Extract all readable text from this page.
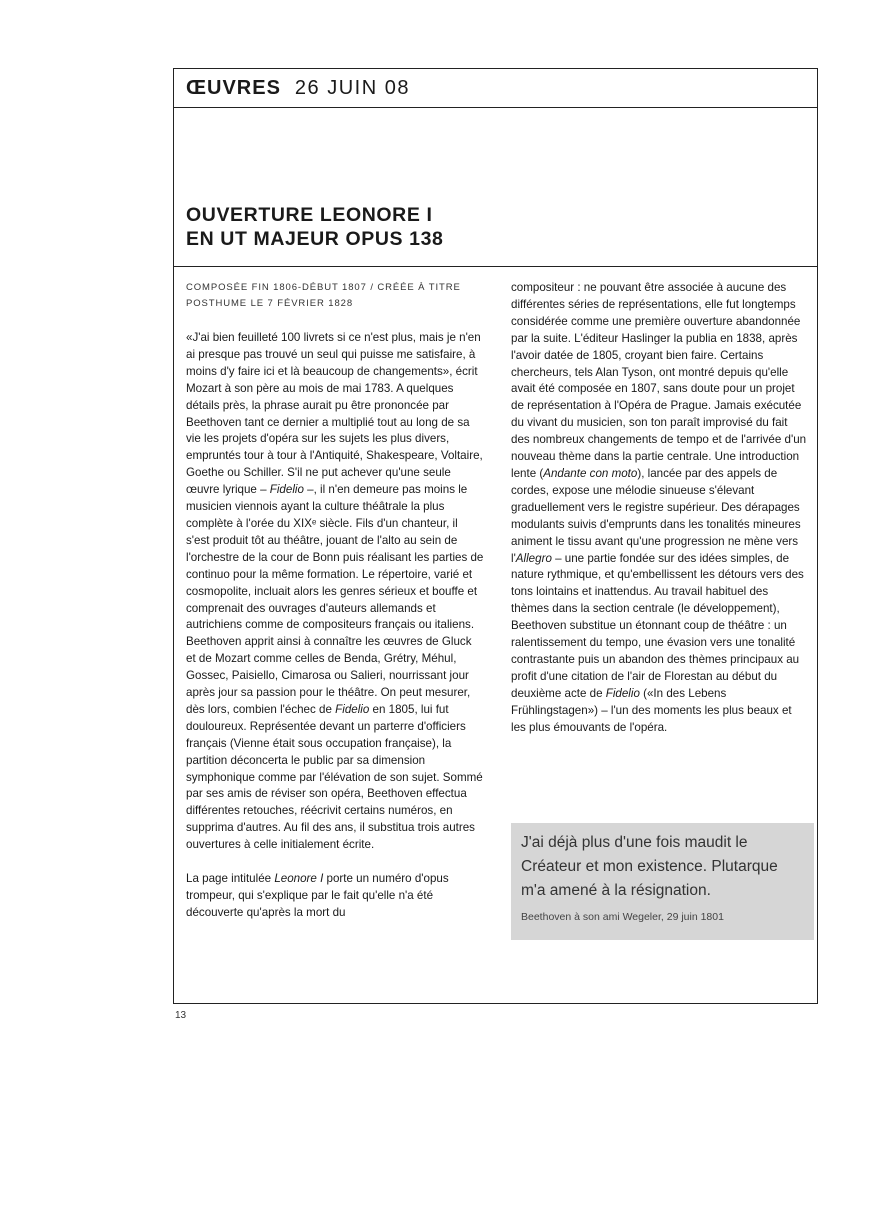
ŒUVRES 26 JUIN 08
OUVERTURE LEONORE I
EN UT MAJEUR OPUS 138

COMPOSÉE FIN 1806-DÉBUT 1807 / CRÉÉE À TITRE POSTHUME LE 7 FÉVRIER 1828

«J'ai bien feuilleté 100 livrets si ce n'est plus, mais je n'en ai presque pas trouvé un seul qui puisse me satisfaire, à moins d'y faire ici et là beaucoup de changements», écrit Mozart à son père au mois de mai 1783. A quelques détails près, la phrase aurait pu être prononcée par Beethoven tant ce dernier a multiplié tout au long de sa vie les projets d'opéra sur les sujets les plus divers, empruntés tour à tour à l'Antiquité, Shakespeare, Voltaire, Goethe ou Schiller. S'il ne put achever qu'une seule œuvre lyrique – Fidelio –, il n'en demeure pas moins le musicien viennois ayant la culture théâtrale la plus complète à l'orée du XIXᵉ siècle. Fils d'un chanteur, il s'est produit tôt au théâtre, jouant de l'alto au sein de l'orchestre de la cour de Bonn puis réalisant les parties de continuo pour la même formation. Le répertoire, varié et cosmopolite, incluait alors les genres sérieux et bouffe et comprenait des ouvrages d'auteurs allemands et autrichiens comme de compositeurs français ou italiens. Beethoven apprit ainsi à connaître les œuvres de Gluck et de Mozart comme celles de Benda, Grétry, Méhul, Gossec, Paisiello, Cimarosa ou Salieri, nourrissant jour après jour sa passion pour le théâtre. On peut mesurer, dès lors, combien l'échec de Fidelio en 1805, lui fut douloureux. Représentée devant un parterre d'officiers français (Vienne était sous occupation française), la partition déconcerta le public par sa dimension symphonique comme par l'élévation de son sujet. Sommé par ses amis de réviser son opéra, Beethoven effectua différentes retouches, réécrivit certains numéros, en supprima d'autres. Au fil des ans, il substitua trois autres ouvertures à celle initialement écrite.

La page intitulée Leonore I porte un numéro d'opus trompeur, qui s'explique par le fait qu'elle n'a été découverte qu'après la mort du

compositeur : ne pouvant être associée à aucune des différentes séries de représentations, elle fut longtemps considérée comme une première ouverture abandonnée par la suite. L'éditeur Haslinger la publia en 1838, après l'avoir datée de 1805, croyant bien faire. Certains chercheurs, tels Alan Tyson, ont montré depuis qu'elle avait été composée en 1807, sans doute pour un projet de représentation à l'Opéra de Prague. Jamais exécutée du vivant du musicien, son ton paraît improvisé du fait des nombreux changements de tempo et de l'arrivée d'un nouveau thème dans la partie centrale. Une introduction lente (Andante con moto), lancée par des appels de cordes, expose une mélodie sinueuse s'élevant graduellement vers le registre supérieur. Des dérapages modulants suivis d'emprunts dans les tonalités mineures animent le tissu avant qu'une progression ne mène vers l'Allegro – une partie fondée sur des idées simples, de nature rythmique, et qu'embellissent les détours vers des tons lointains et inattendus. Au travail habituel des thèmes dans la section centrale (le développement), Beethoven substitue un étonnant coup de théâtre : un ralentissement du tempo, une évasion vers une tonalité contrastante puis un abandon des thèmes principaux au profit d'une citation de l'air de Florestan au début du deuxième acte de Fidelio («In des Lebens Frühlingstagen») – l'un des moments les plus beaux et les plus émouvants de l'opéra.

J'ai déjà plus d'une fois maudit le Créateur et mon existence. Plutarque m'a amené à la résignation.

Beethoven à son ami Wegeler, 29 juin 1801
13
